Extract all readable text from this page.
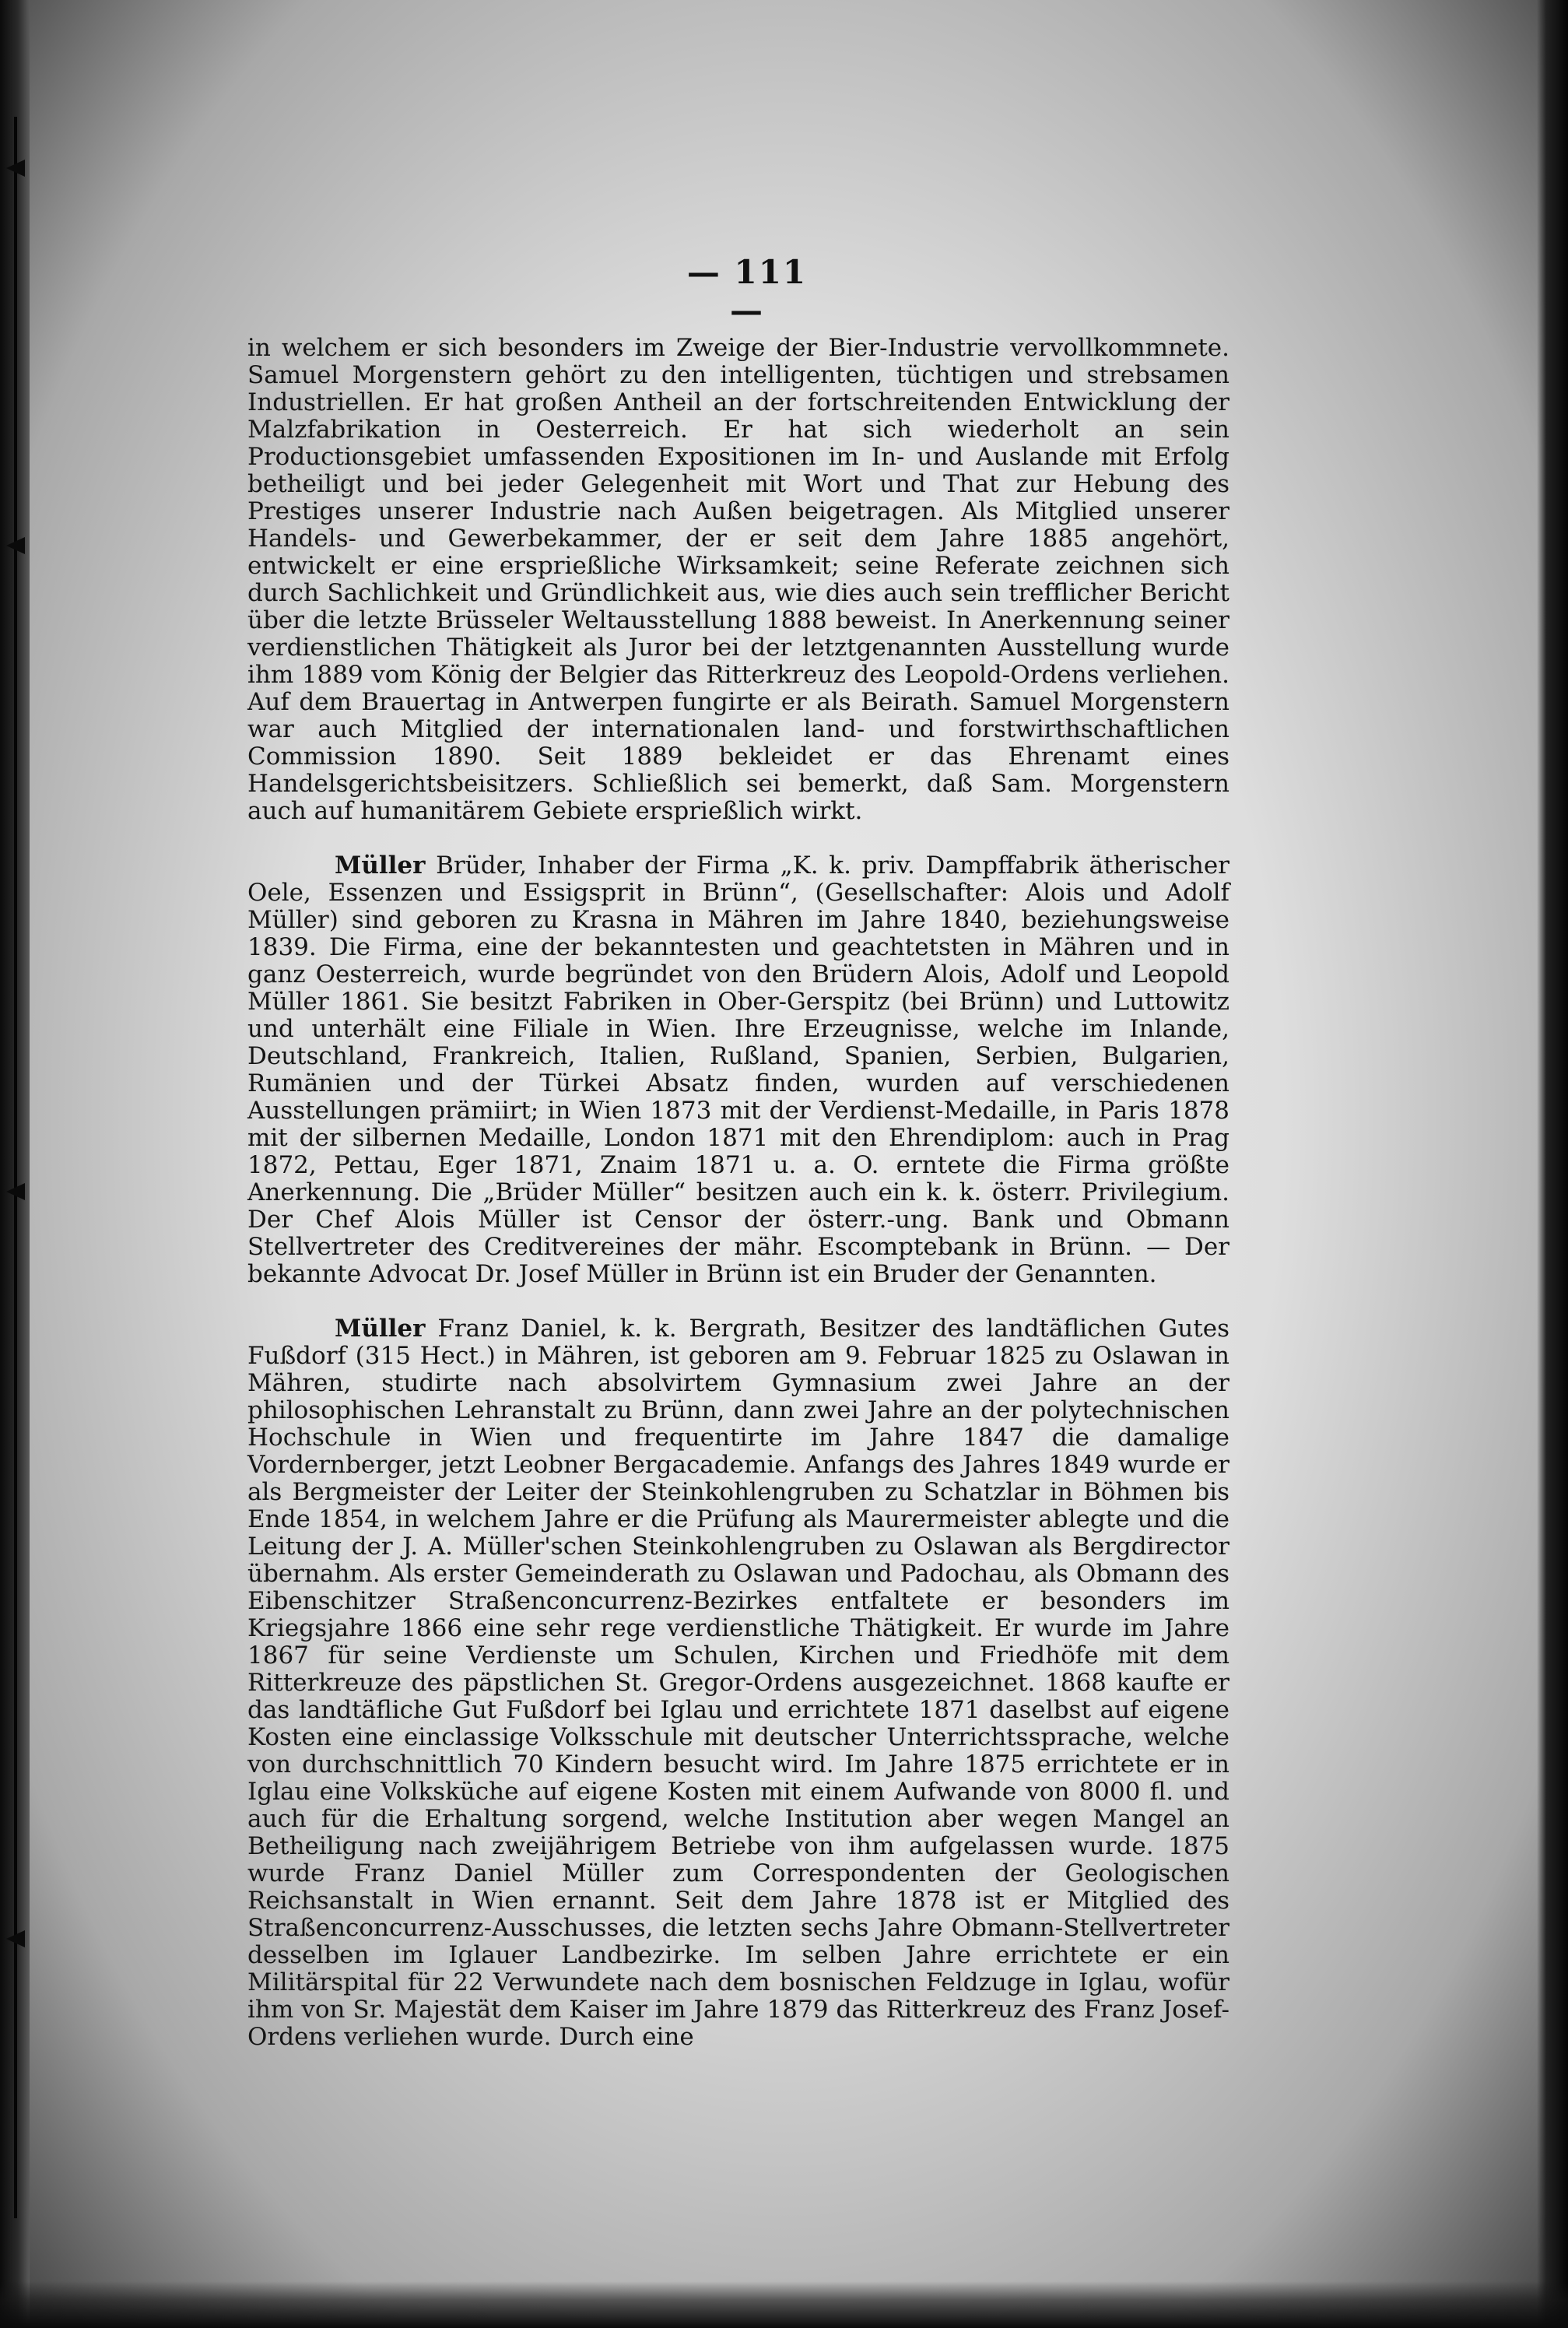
— 111 —

in welchem er sich besonders im Zweige der Bier-Industrie vervollkommnete. Samuel Morgenstern gehört zu den intelligenten, tüchtigen und strebsamen Industriellen. Er hat großen Antheil an der fortschreitenden Entwicklung der Malzfabrikation in Oesterreich. Er hat sich wiederholt an sein Productionsgebiet umfassenden Expositionen im In- und Auslande mit Erfolg betheiligt und bei jeder Gelegenheit mit Wort und That zur Hebung des Prestiges unserer Industrie nach Außen beigetragen. Als Mitglied unserer Handels- und Gewerbekammer, der er seit dem Jahre 1885 angehört, entwickelt er eine ersprießliche Wirksamkeit; seine Referate zeichnen sich durch Sachlichkeit und Gründlichkeit aus, wie dies auch sein trefflicher Bericht über die letzte Brüsseler Weltausstellung 1888 beweist. In Anerkennung seiner verdienstlichen Thätigkeit als Juror bei der letztgenannten Ausstellung wurde ihm 1889 vom König der Belgier das Ritterkreuz des Leopold-Ordens verliehen. Auf dem Brauertag in Antwerpen fungirte er als Beirath. Samuel Morgenstern war auch Mitglied der internationalen land- und forstwirthschaftlichen Commission 1890. Seit 1889 bekleidet er das Ehrenamt eines Handelsgerichtsbeisitzers. Schließlich sei bemerkt, daß Sam. Morgenstern auch auf humanitärem Gebiete ersprießlich wirkt.

Müller Brüder, Inhaber der Firma „K. k. priv. Dampffabrik ätherischer Oele, Essenzen und Essigsprit in Brünn“, (Gesellschafter: Alois und Adolf Müller) sind geboren zu Krasna in Mähren im Jahre 1840, beziehungsweise 1839. Die Firma, eine der bekanntesten und geachtetsten in Mähren und in ganz Oesterreich, wurde begründet von den Brüdern Alois, Adolf und Leopold Müller 1861. Sie besitzt Fabriken in Ober-Gerspitz (bei Brünn) und Luttowitz und unterhält eine Filiale in Wien. Ihre Erzeugnisse, welche im Inlande, Deutschland, Frankreich, Italien, Rußland, Spanien, Serbien, Bulgarien, Rumänien und der Türkei Absatz finden, wurden auf verschiedenen Ausstellungen prämiirt; in Wien 1873 mit der Verdienst-Medaille, in Paris 1878 mit der silbernen Medaille, London 1871 mit den Ehrendiplom: auch in Prag 1872, Pettau, Eger 1871, Znaim 1871 u. a. O. erntete die Firma größte Anerkennung. Die „Brüder Müller“ besitzen auch ein k. k. österr. Privilegium. Der Chef Alois Müller ist Censor der österr.-ung. Bank und Obmann Stellvertreter des Creditvereines der mähr. Escomptebank in Brünn. — Der bekannte Advocat Dr. Josef Müller in Brünn ist ein Bruder der Genannten.

Müller Franz Daniel, k. k. Bergrath, Besitzer des landtäflichen Gutes Fußdorf (315 Hect.) in Mähren, ist geboren am 9. Februar 1825 zu Oslawan in Mähren, studirte nach absolvirtem Gymnasium zwei Jahre an der philosophischen Lehranstalt zu Brünn, dann zwei Jahre an der polytechnischen Hochschule in Wien und frequentirte im Jahre 1847 die damalige Vordernberger, jetzt Leobner Bergacademie. Anfangs des Jahres 1849 wurde er als Bergmeister der Leiter der Steinkohlengruben zu Schatzlar in Böhmen bis Ende 1854, in welchem Jahre er die Prüfung als Maurermeister ablegte und die Leitung der J. A. Müller'schen Steinkohlengruben zu Oslawan als Bergdirector übernahm. Als erster Gemeinderath zu Oslawan und Padochau, als Obmann des Eibenschitzer Straßenconcurrenz-Bezirkes entfaltete er besonders im Kriegsjahre 1866 eine sehr rege verdienstliche Thätigkeit. Er wurde im Jahre 1867 für seine Verdienste um Schulen, Kirchen und Friedhöfe mit dem Ritterkreuze des päpstlichen St. Gregor-Ordens ausgezeichnet. 1868 kaufte er das landtäfliche Gut Fußdorf bei Iglau und errichtete 1871 daselbst auf eigene Kosten eine einclassige Volksschule mit deutscher Unterrichtssprache, welche von durchschnittlich 70 Kindern besucht wird. Im Jahre 1875 errichtete er in Iglau eine Volksküche auf eigene Kosten mit einem Aufwande von 8000 fl. und auch für die Erhaltung sorgend, welche Institution aber wegen Mangel an Betheiligung nach zweijährigem Betriebe von ihm aufgelassen wurde. 1875 wurde Franz Daniel Müller zum Correspondenten der Geologischen Reichsanstalt in Wien ernannt. Seit dem Jahre 1878 ist er Mitglied des Straßenconcurrenz-Ausschusses, die letzten sechs Jahre Obmann-Stellvertreter desselben im Iglauer Landbezirke. Im selben Jahre errichtete er ein Militärspital für 22 Verwundete nach dem bosnischen Feldzuge in Iglau, wofür ihm von Sr. Majestät dem Kaiser im Jahre 1879 das Ritterkreuz des Franz Josef-Ordens verliehen wurde. Durch eine
